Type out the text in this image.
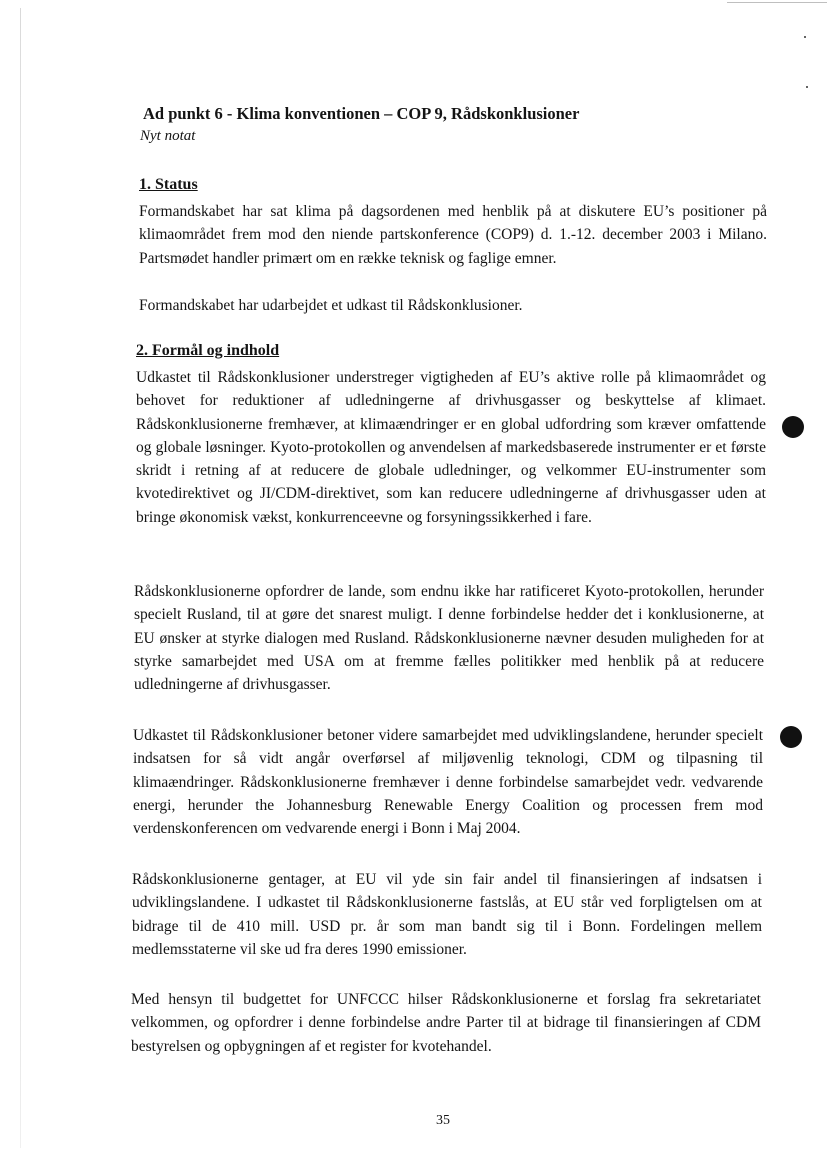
Ad punkt 6 - Klima konventionen – COP 9, Rådskonklusioner
Nyt notat
1. Status
Formandskabet har sat klima på dagsordenen med henblik på at diskutere EU’s positioner på klimaområdet frem mod den niende partskonference (COP9) d. 1.-12. december 2003 i Milano. Partsmødet handler primært om en række teknisk og faglige emner.
Formandskabet har udarbejdet et udkast til Rådskonklusioner.
2. Formål og indhold
Udkastet til Rådskonklusioner understreger vigtigheden af EU’s aktive rolle på klimaområdet og behovet for reduktioner af udledningerne af drivhusgasser og beskyttelse af klimaet. Rådskonklusionerne fremhæver, at klimaændringer er en global udfordring som kræver omfattende og globale løsninger. Kyoto-protokollen og anvendelsen af markedsbaserede instrumenter er et første skridt i retning af at reducere de globale udledninger, og velkommer EU-instrumenter som kvotedirektivet og JI/CDM-direktivet, som kan reducere udledningerne af drivhusgasser uden at bringe økonomisk vækst, konkurrenceevne og forsyningssikkerhed i fare.
Rådskonklusionerne opfordrer de lande, som endnu ikke har ratificeret Kyoto-protokollen, herunder specielt Rusland, til at gøre det snarest muligt. I denne forbindelse hedder det i konklusionerne, at EU ønsker at styrke dialogen med Rusland. Rådskonklusionerne nævner desuden muligheden for at styrke samarbejdet med USA om at fremme fælles politikker med henblik på at reducere udledningerne af drivhusgasser.
Udkastet til Rådskonklusioner betoner videre samarbejdet med udviklingslandene, herunder specielt indsatsen for så vidt angår overførsel af miljøvenlig teknologi, CDM og tilpasning til klimaændringer. Rådskonklusionerne fremhæver i denne forbindelse samarbejdet vedr. vedvarende energi, herunder the Johannesburg Renewable Energy Coalition og processen frem mod verdenskonferencen om vedvarende energi i Bonn i Maj 2004.
Rådskonklusionerne gentager, at EU vil yde sin fair andel til finansieringen af indsatsen i udviklingslandene. I udkastet til Rådskonklusionerne fastslås, at EU står ved forpligtelsen om at bidrage til de 410 mill. USD pr. år som man bandt sig til i Bonn. Fordelingen mellem medlemsstaterne vil ske ud fra deres 1990 emissioner.
Med hensyn til budgettet for UNFCCC hilser Rådskonklusionerne et forslag fra sekretariatet velkommen, og opfordrer i denne forbindelse andre Parter til at bidrage til finansieringen af CDM bestyrelsen og opbygningen af et register for kvotehandel.
35
